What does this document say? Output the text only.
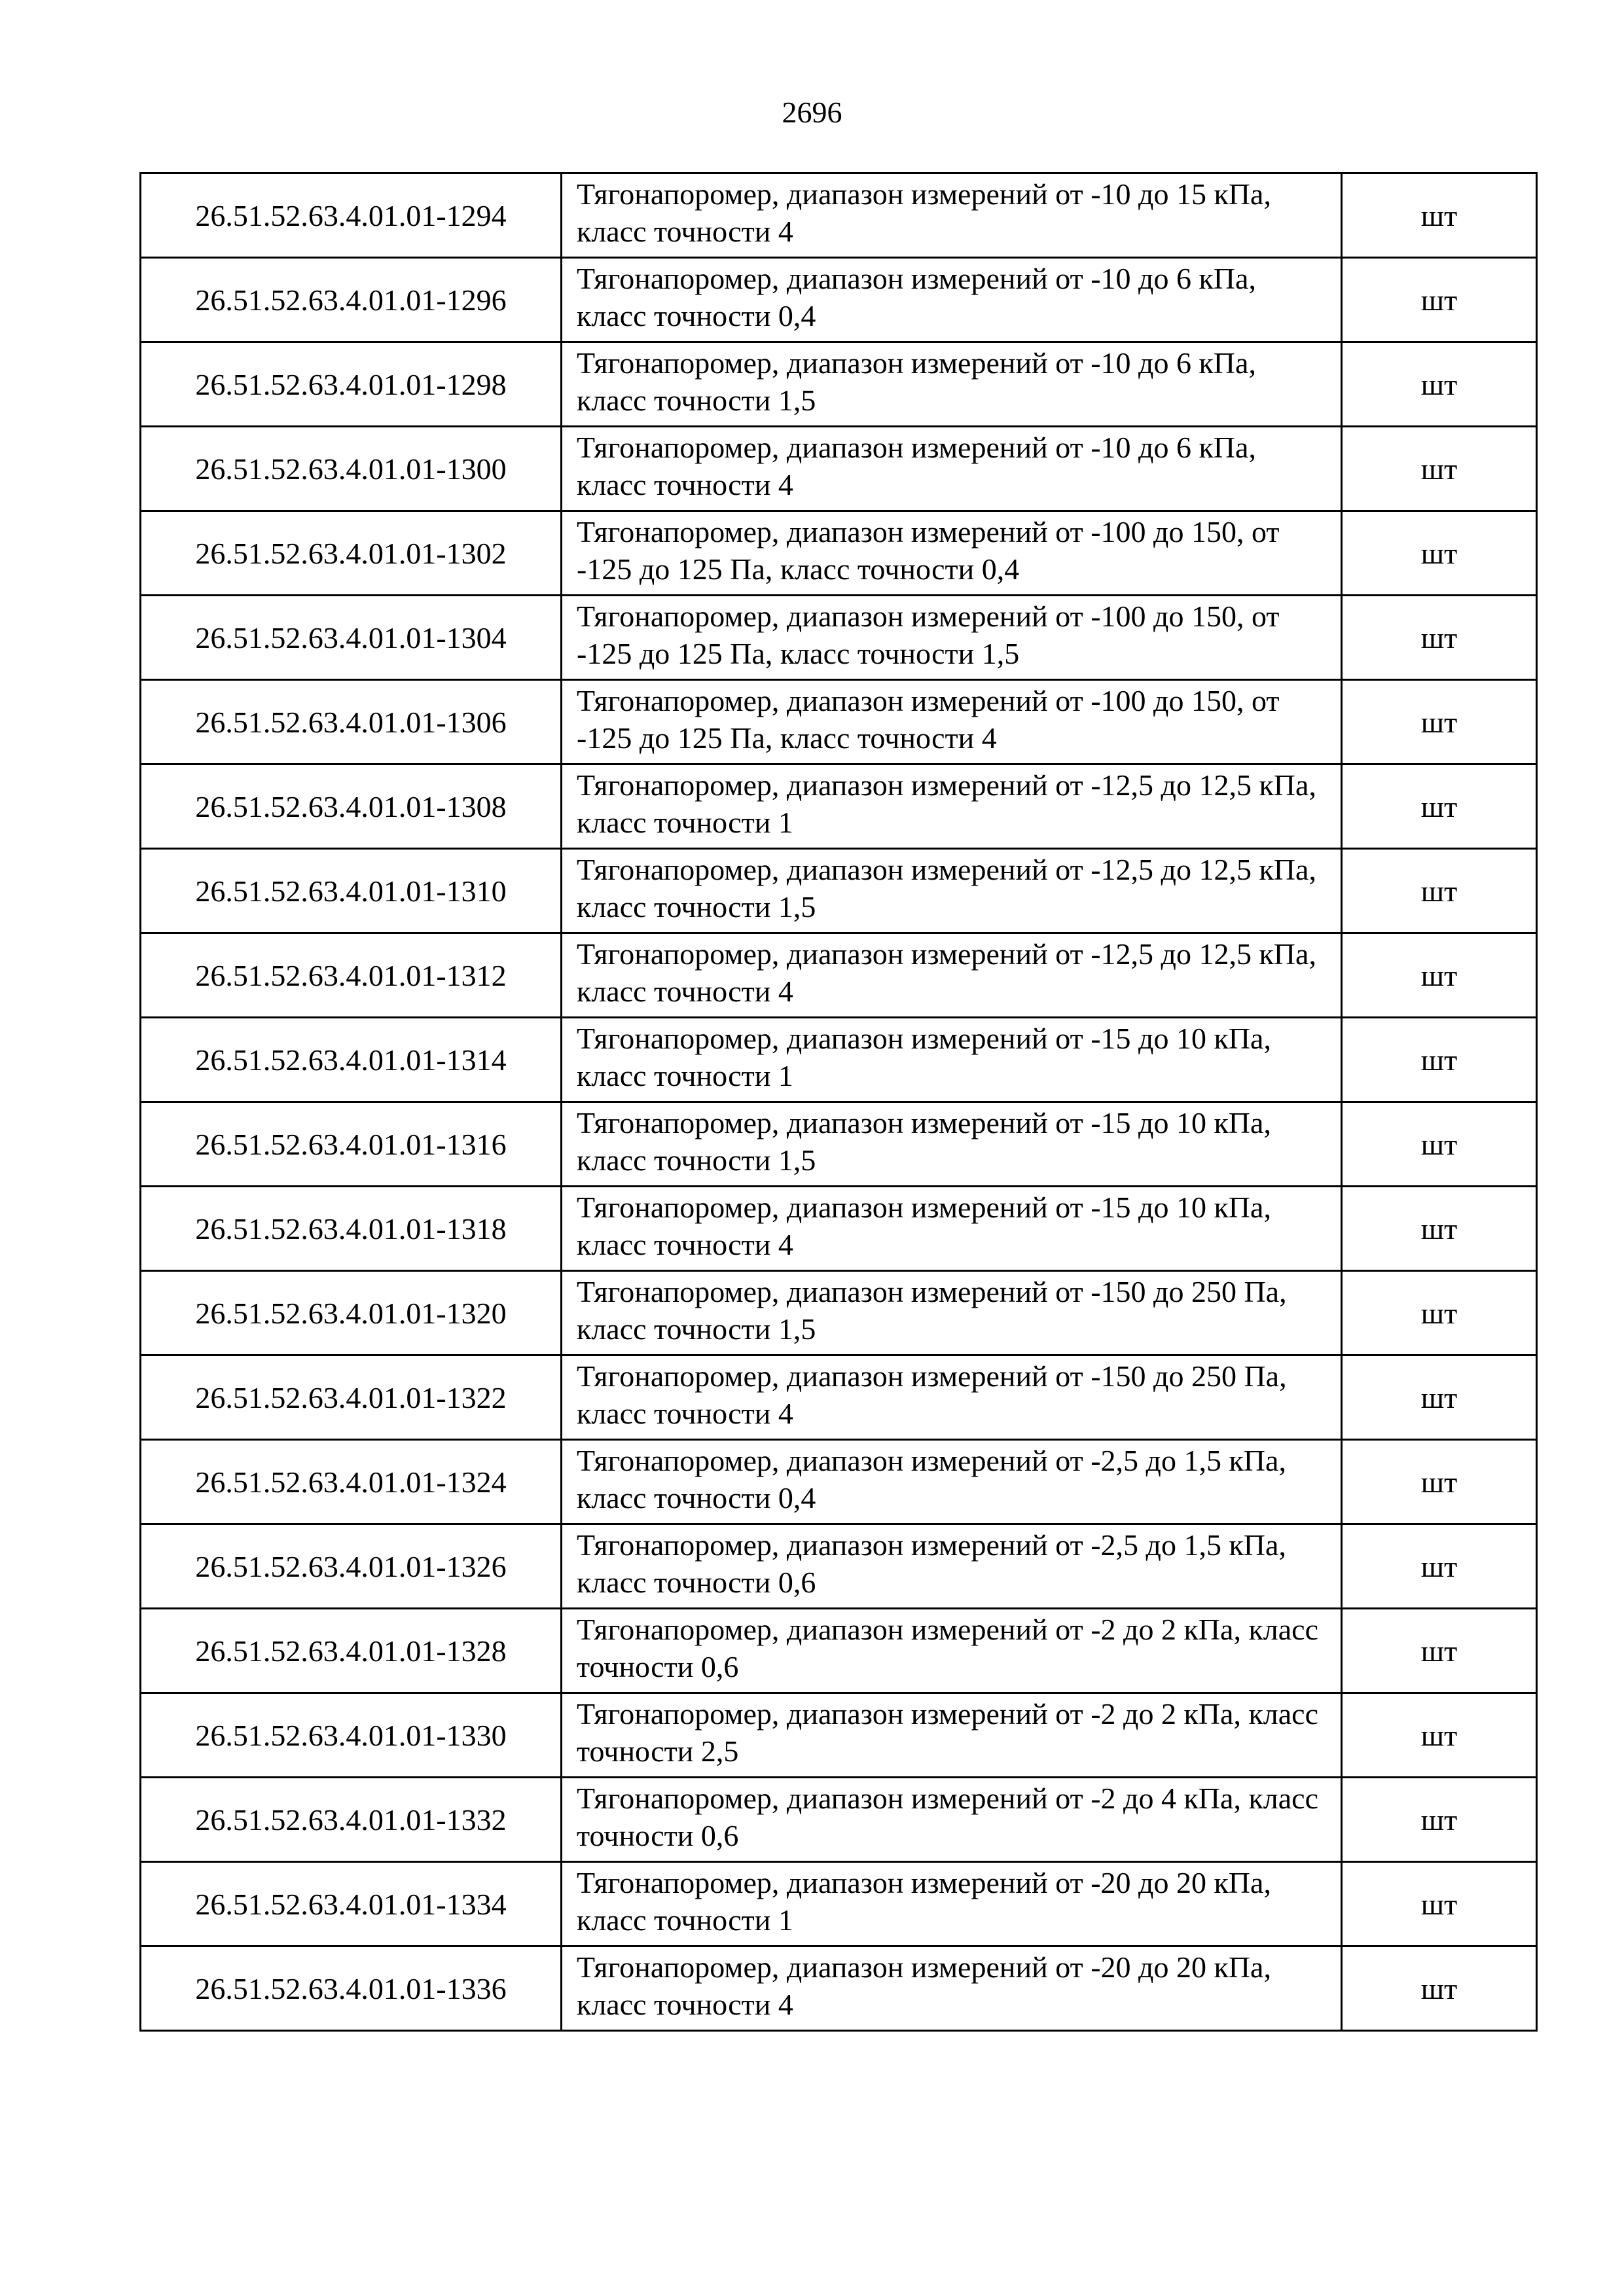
2696
26.51.52.63.4.01.01-1294	Тягонапоромер, диапазон измерений от -10 до 15 кПа, класс точности 4	шт
26.51.52.63.4.01.01-1296	Тягонапоромер, диапазон измерений от -10 до 6 кПа, класс точности 0,4	шт
26.51.52.63.4.01.01-1298	Тягонапоромер, диапазон измерений от -10 до 6 кПа, класс точности 1,5	шт
26.51.52.63.4.01.01-1300	Тягонапоромер, диапазон измерений от -10 до 6 кПа, класс точности 4	шт
26.51.52.63.4.01.01-1302	Тягонапоромер, диапазон измерений от -100 до 150, от -125 до 125 Па, класс точности 0,4	шт
26.51.52.63.4.01.01-1304	Тягонапоромер, диапазон измерений от -100 до 150, от -125 до 125 Па, класс точности 1,5	шт
26.51.52.63.4.01.01-1306	Тягонапоромер, диапазон измерений от -100 до 150, от -125 до 125 Па, класс точности 4	шт
26.51.52.63.4.01.01-1308	Тягонапоромер, диапазон измерений от -12,5 до 12,5 кПа, класс точности 1	шт
26.51.52.63.4.01.01-1310	Тягонапоромер, диапазон измерений от -12,5 до 12,5 кПа, класс точности 1,5	шт
26.51.52.63.4.01.01-1312	Тягонапоромер, диапазон измерений от -12,5 до 12,5 кПа, класс точности 4	шт
26.51.52.63.4.01.01-1314	Тягонапоромер, диапазон измерений от -15 до 10 кПа, класс точности 1	шт
26.51.52.63.4.01.01-1316	Тягонапоромер, диапазон измерений от -15 до 10 кПа, класс точности 1,5	шт
26.51.52.63.4.01.01-1318	Тягонапоромер, диапазон измерений от -15 до 10 кПа, класс точности 4	шт
26.51.52.63.4.01.01-1320	Тягонапоромер, диапазон измерений от -150 до 250 Па, класс точности 1,5	шт
26.51.52.63.4.01.01-1322	Тягонапоромер, диапазон измерений от -150 до 250 Па, класс точности 4	шт
26.51.52.63.4.01.01-1324	Тягонапоромер, диапазон измерений от -2,5 до 1,5 кПа, класс точности 0,4	шт
26.51.52.63.4.01.01-1326	Тягонапоромер, диапазон измерений от -2,5 до 1,5 кПа, класс точности 0,6	шт
26.51.52.63.4.01.01-1328	Тягонапоромер, диапазон измерений от -2 до 2 кПа, класс точности 0,6	шт
26.51.52.63.4.01.01-1330	Тягонапоромер, диапазон измерений от -2 до 2 кПа, класс точности 2,5	шт
26.51.52.63.4.01.01-1332	Тягонапоромер, диапазон измерений от -2 до 4 кПа, класс точности 0,6	шт
26.51.52.63.4.01.01-1334	Тягонапоромер, диапазон измерений от -20 до 20 кПа, класс точности 1	шт
26.51.52.63.4.01.01-1336	Тягонапоромер, диапазон измерений от -20 до 20 кПа, класс точности 4	шт
